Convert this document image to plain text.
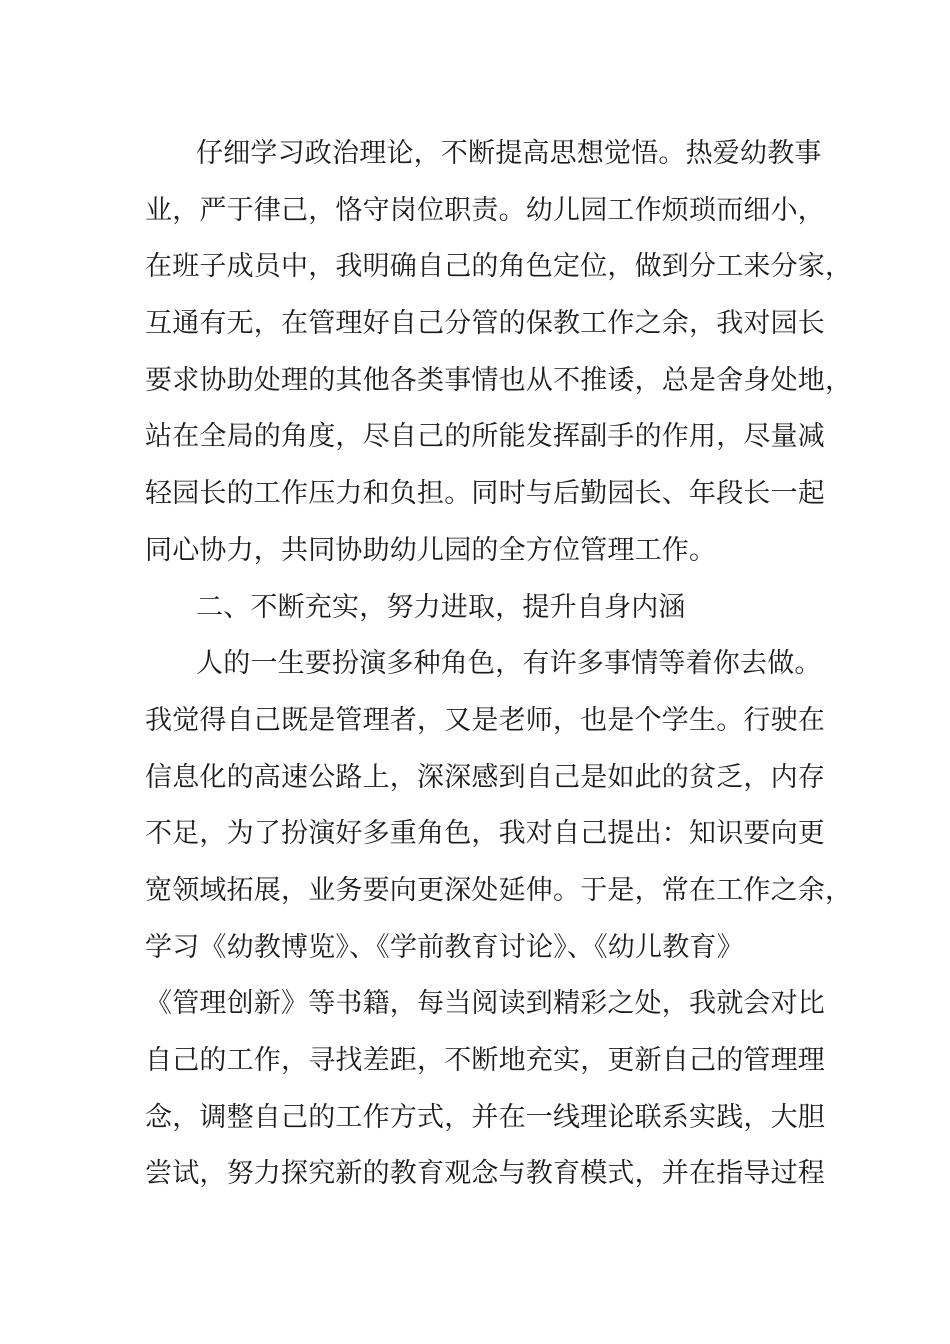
仔细学习政治理论，不断提高思想觉悟。热爱幼教事
业，严于律己，恪守岗位职责。幼儿园工作烦琐而细小，
在班子成员中，我明确自己的角色定位，做到分工来分家，
互通有无，在管理好自己分管的保教工作之余，我对园长
要求协助处理的其他各类事情也从不推诿，总是舍身处地，
站在全局的角度，尽自己的所能发挥副手的作用，尽量减
轻园长的工作压力和负担。同时与后勤园长、年段长一起
同心协力，共同协助幼儿园的全方位管理工作。
二、不断充实，努力进取，提升自身内涵
人的一生要扮演多种角色，有许多事情等着你去做。
我觉得自己既是管理者，又是老师，也是个学生。行驶在
信息化的高速公路上，深深感到自己是如此的贫乏，内存
不足，为了扮演好多重角色，我对自己提出：知识要向更
宽领域拓展，业务要向更深处延伸。于是，常在工作之余，
学习《幼教博览》、《学前教育讨论》、《幼儿教育》
《管理创新》等书籍，每当阅读到精彩之处，我就会对比
自己的工作，寻找差距，不断地充实，更新自己的管理理
念，调整自己的工作方式，并在一线理论联系实践，大胆
尝试，努力探究新的教育观念与教育模式，并在指导过程
